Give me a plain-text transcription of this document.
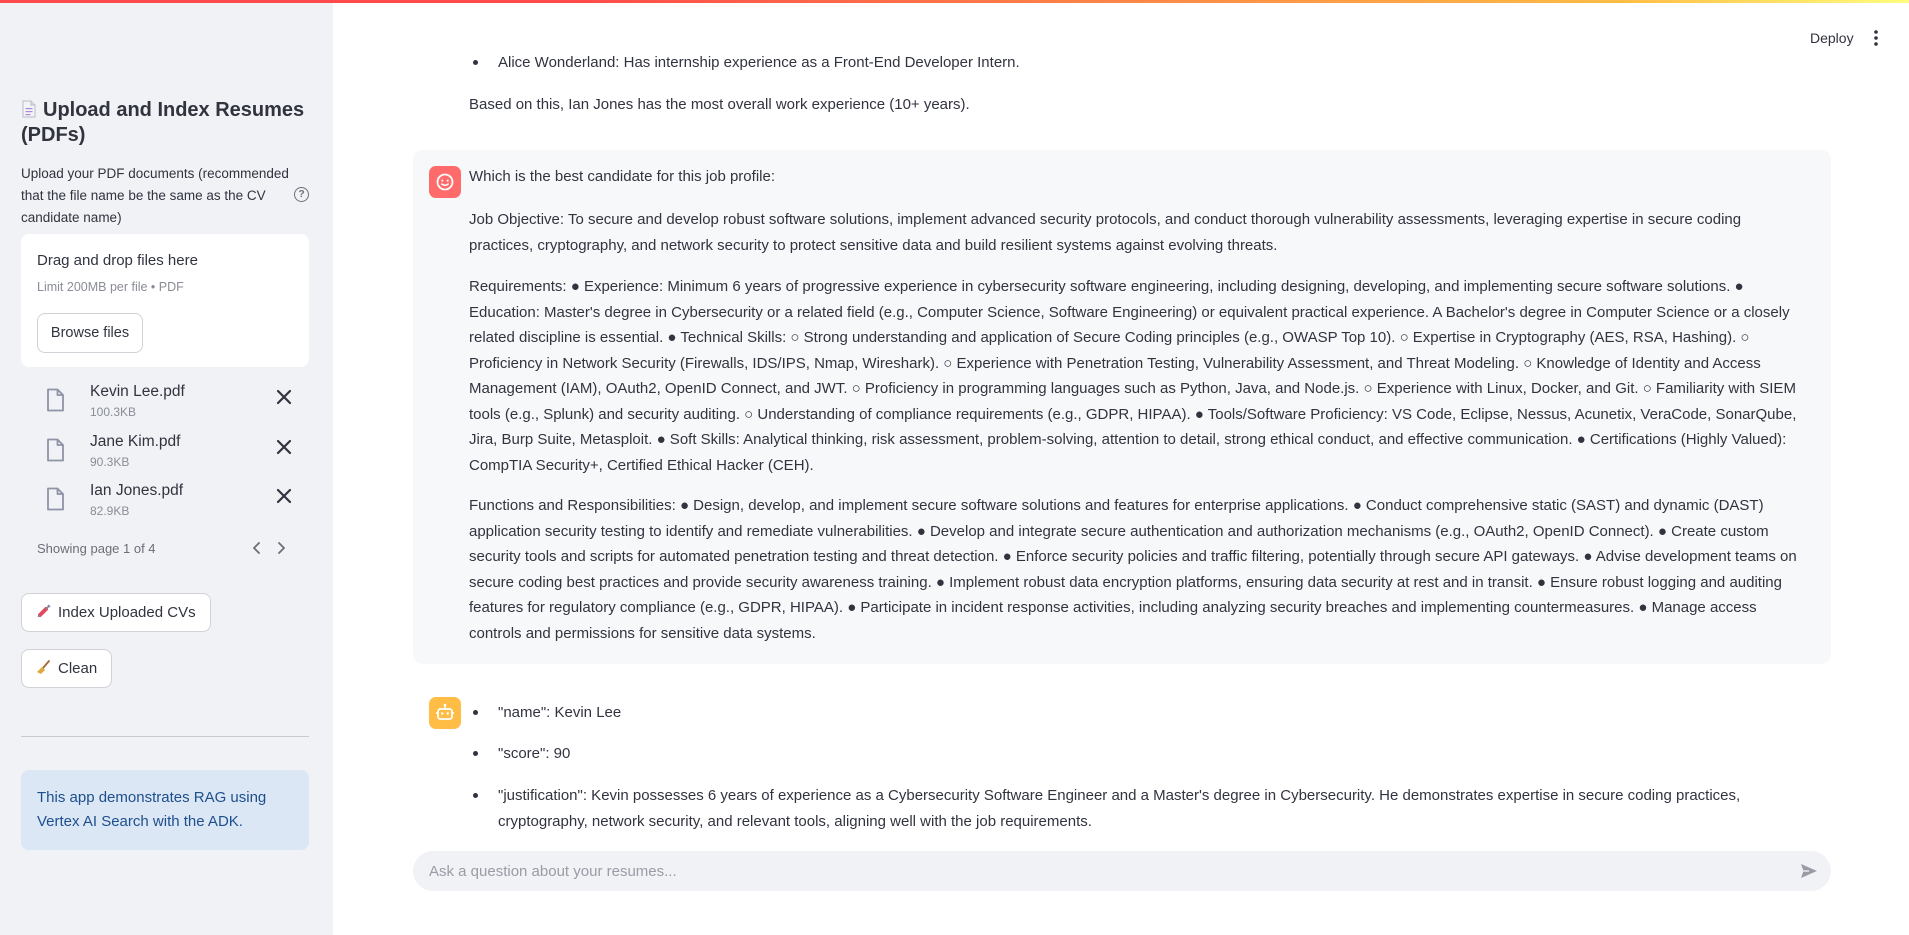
Upload and Index Resumes (PDFs)
Upload your PDF documents (recommended that the file name be the same as the CV candidate name)
?
Drag and drop files here
Limit 200MB per file • PDF
Browse files
Kevin Lee.pdf
100.3KB
Jane Kim.pdf
90.3KB
Ian Jones.pdf
82.9KB
Showing page 1 of 4
Index Uploaded CVs
Clean
This app demonstrates RAG using Vertex AI Search with the ADK.
Deploy
Alice Wonderland: Has internship experience as a Front-End Developer Intern.
Based on this, Ian Jones has the most overall work experience (10+ years).
Which is the best candidate for this job profile:
Job Objective: To secure and develop robust software solutions, implement advanced security protocols, and conduct thorough vulnerability assessments, leveraging expertise in secure coding practices, cryptography, and network security to protect sensitive data and build resilient systems against evolving threats.
Requirements: ● Experience: Minimum 6 years of progressive experience in cybersecurity software engineering, including designing, developing, and implementing secure software solutions. ● Education: Master's degree in Cybersecurity or a related field (e.g., Computer Science, Software Engineering) or equivalent practical experience. A Bachelor's degree in Computer Science or a closely related discipline is essential. ● Technical Skills: ○ Strong understanding and application of Secure Coding principles (e.g., OWASP Top 10). ○ Expertise in Cryptography (AES, RSA, Hashing). ○ Proficiency in Network Security (Firewalls, IDS/IPS, Nmap, Wireshark). ○ Experience with Penetration Testing, Vulnerability Assessment, and Threat Modeling. ○ Knowledge of Identity and Access Management (IAM), OAuth2, OpenID Connect, and JWT. ○ Proficiency in programming languages such as Python, Java, and Node.js. ○ Experience with Linux, Docker, and Git. ○ Familiarity with SIEM tools (e.g., Splunk) and security auditing. ○ Understanding of compliance requirements (e.g., GDPR, HIPAA). ● Tools/Software Proficiency: VS Code, Eclipse, Nessus, Acunetix, VeraCode, SonarQube, Jira, Burp Suite, Metasploit. ● Soft Skills: Analytical thinking, risk assessment, problem-solving, attention to detail, strong ethical conduct, and effective communication. ● Certifications (Highly Valued): CompTIA Security+, Certified Ethical Hacker (CEH).
Functions and Responsibilities: ● Design, develop, and implement secure software solutions and features for enterprise applications. ● Conduct comprehensive static (SAST) and dynamic (DAST) application security testing to identify and remediate vulnerabilities. ● Develop and integrate secure authentication and authorization mechanisms (e.g., OAuth2, OpenID Connect). ● Create custom security tools and scripts for automated penetration testing and threat detection. ● Enforce security policies and traffic filtering, potentially through secure API gateways. ● Advise development teams on secure coding best practices and provide security awareness training. ● Implement robust data encryption platforms, ensuring data security at rest and in transit. ● Ensure robust logging and auditing features for regulatory compliance (e.g., GDPR, HIPAA). ● Participate in incident response activities, including analyzing security breaches and implementing countermeasures. ● Manage access controls and permissions for sensitive data systems.
"name": Kevin Lee
"score": 90
"justification": Kevin possesses 6 years of experience as a Cybersecurity Software Engineer and a Master's degree in Cybersecurity. He demonstrates expertise in secure coding practices, cryptography, network security, and relevant tools, aligning well with the job requirements.
Ask a question about your resumes...
